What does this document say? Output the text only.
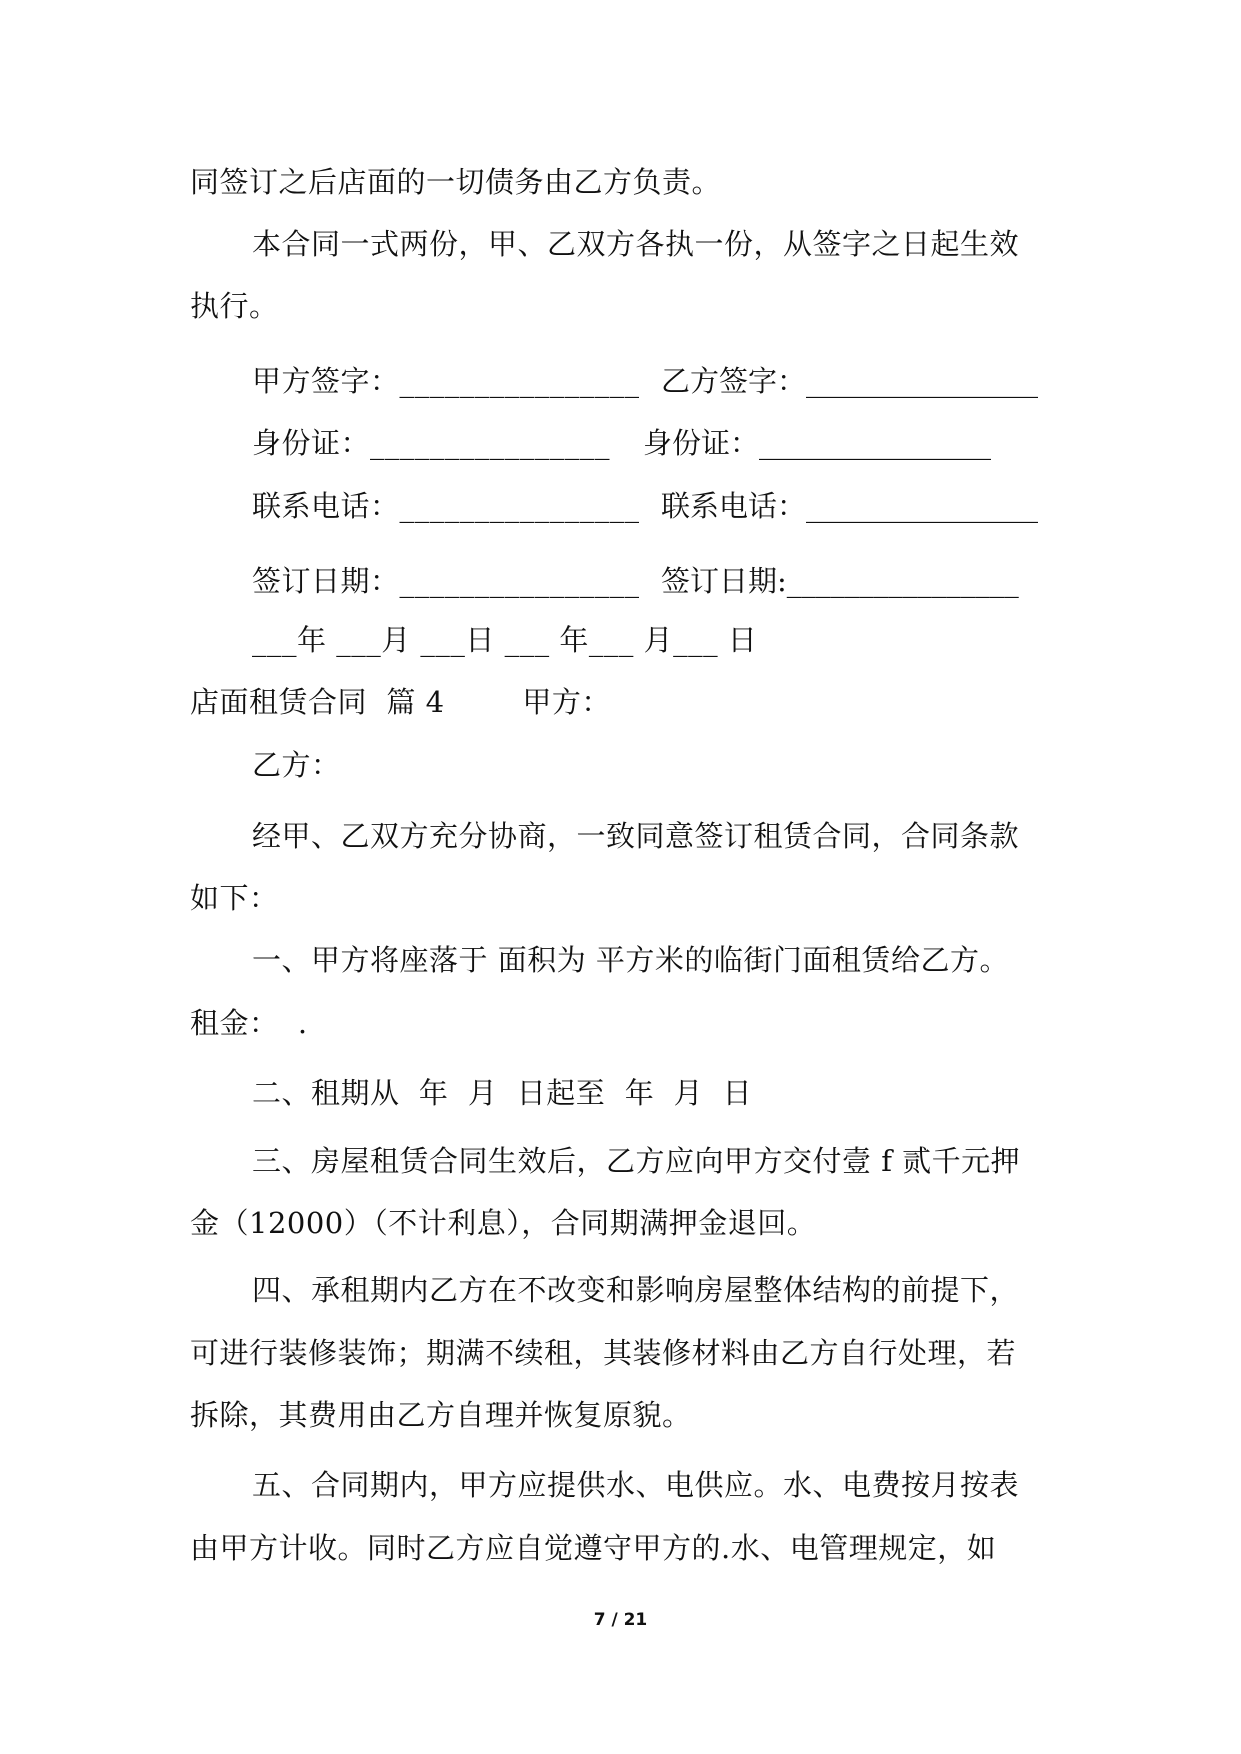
同签订之后店面的一切债务由乙方负责。
本合同一式两份，甲、乙双方各执一份，从签字之日起生效
执行。
甲方签字：________________ 乙方签字：________________
身份证：________________ 身份证：________________
联系电话：________________ 联系电话：________________
签订日期：________________ 签订日期:________________
___年 ___月 ___日 ___ 年___ 月___ 日
店面租赁合同  篇 4        甲方：
乙方：
经甲、乙双方充分协商，一致同意签订租赁合同，合同条款
如下：
一、甲方将座落于 面积为 平方米的临街门面租赁给乙方。
租金：  .
二、租期从  年  月  日起至  年  月  日
三、房屋租赁合同生效后，乙方应向甲方交付壹 f 贰千元押
金（12000）（不计利息），合同期满押金退回。
四、承租期内乙方在不改变和影响房屋整体结构的前提下，
可进行装修装饰；期满不续租，其装修材料由乙方自行处理，若
拆除，其费用由乙方自理并恢复原貌。
五、合同期内，甲方应提供水、电供应。水、电费按月按表
由甲方计收。同时乙方应自觉遵守甲方的.水、电管理规定，如
7 / 21
